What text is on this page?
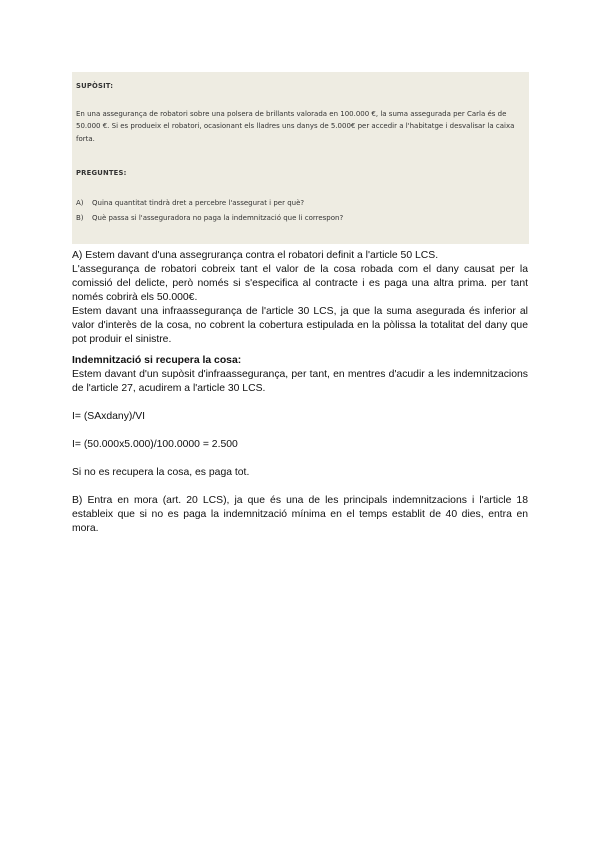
SUPÒSIT:

En una assegurança de robatori sobre una polsera de brillants valorada en 100.000 €, la suma assegurada per Carla és de 50.000 €. Si es produeix el robatori, ocasionant els lladres uns danys de 5.000€ per accedir a l'habitatge i desvalisar la caixa forta.

PREGUNTES:
A)	Quina quantitat tindrà dret a percebre l'assegurat i per què?
B)	Què passa si l'asseguradora no paga la indemnització que li correspon?

A) Estem davant d'una assegrurança contra el robatori definit a l'article 50 LCS.

L'assegurança de robatori cobreix tant el valor de la cosa robada com el dany causat per la comissió del delicte, però només si s'especifica al contracte i es paga una altra prima. per tant només cobrirà els 50.000€.

Estem davant una infraassegurança de l'article 30 LCS, ja que la suma asegurada és inferior al valor d'interès de la cosa, no cobrent la cobertura estipulada en la pòlissa la totalitat del dany que pot produir el sinistre.

Indemnització si recupera la cosa:

Estem davant d'un supòsit d'infraassegurança, per tant, en mentres d'acudir a les indemnitzacions de l'article 27, acudirem a l'article 30 LCS.

I= (SAxdany)/VI

I= (50.000x5.000)/100.0000 = 2.500

Si no es recupera la cosa, es paga tot.

B) Entra en mora (art. 20 LCS), ja que és una de les principals indemnitzacions i l'article 18 estableix que si no es paga la indemnització mínima en el temps establit de 40 dies, entra en mora.
